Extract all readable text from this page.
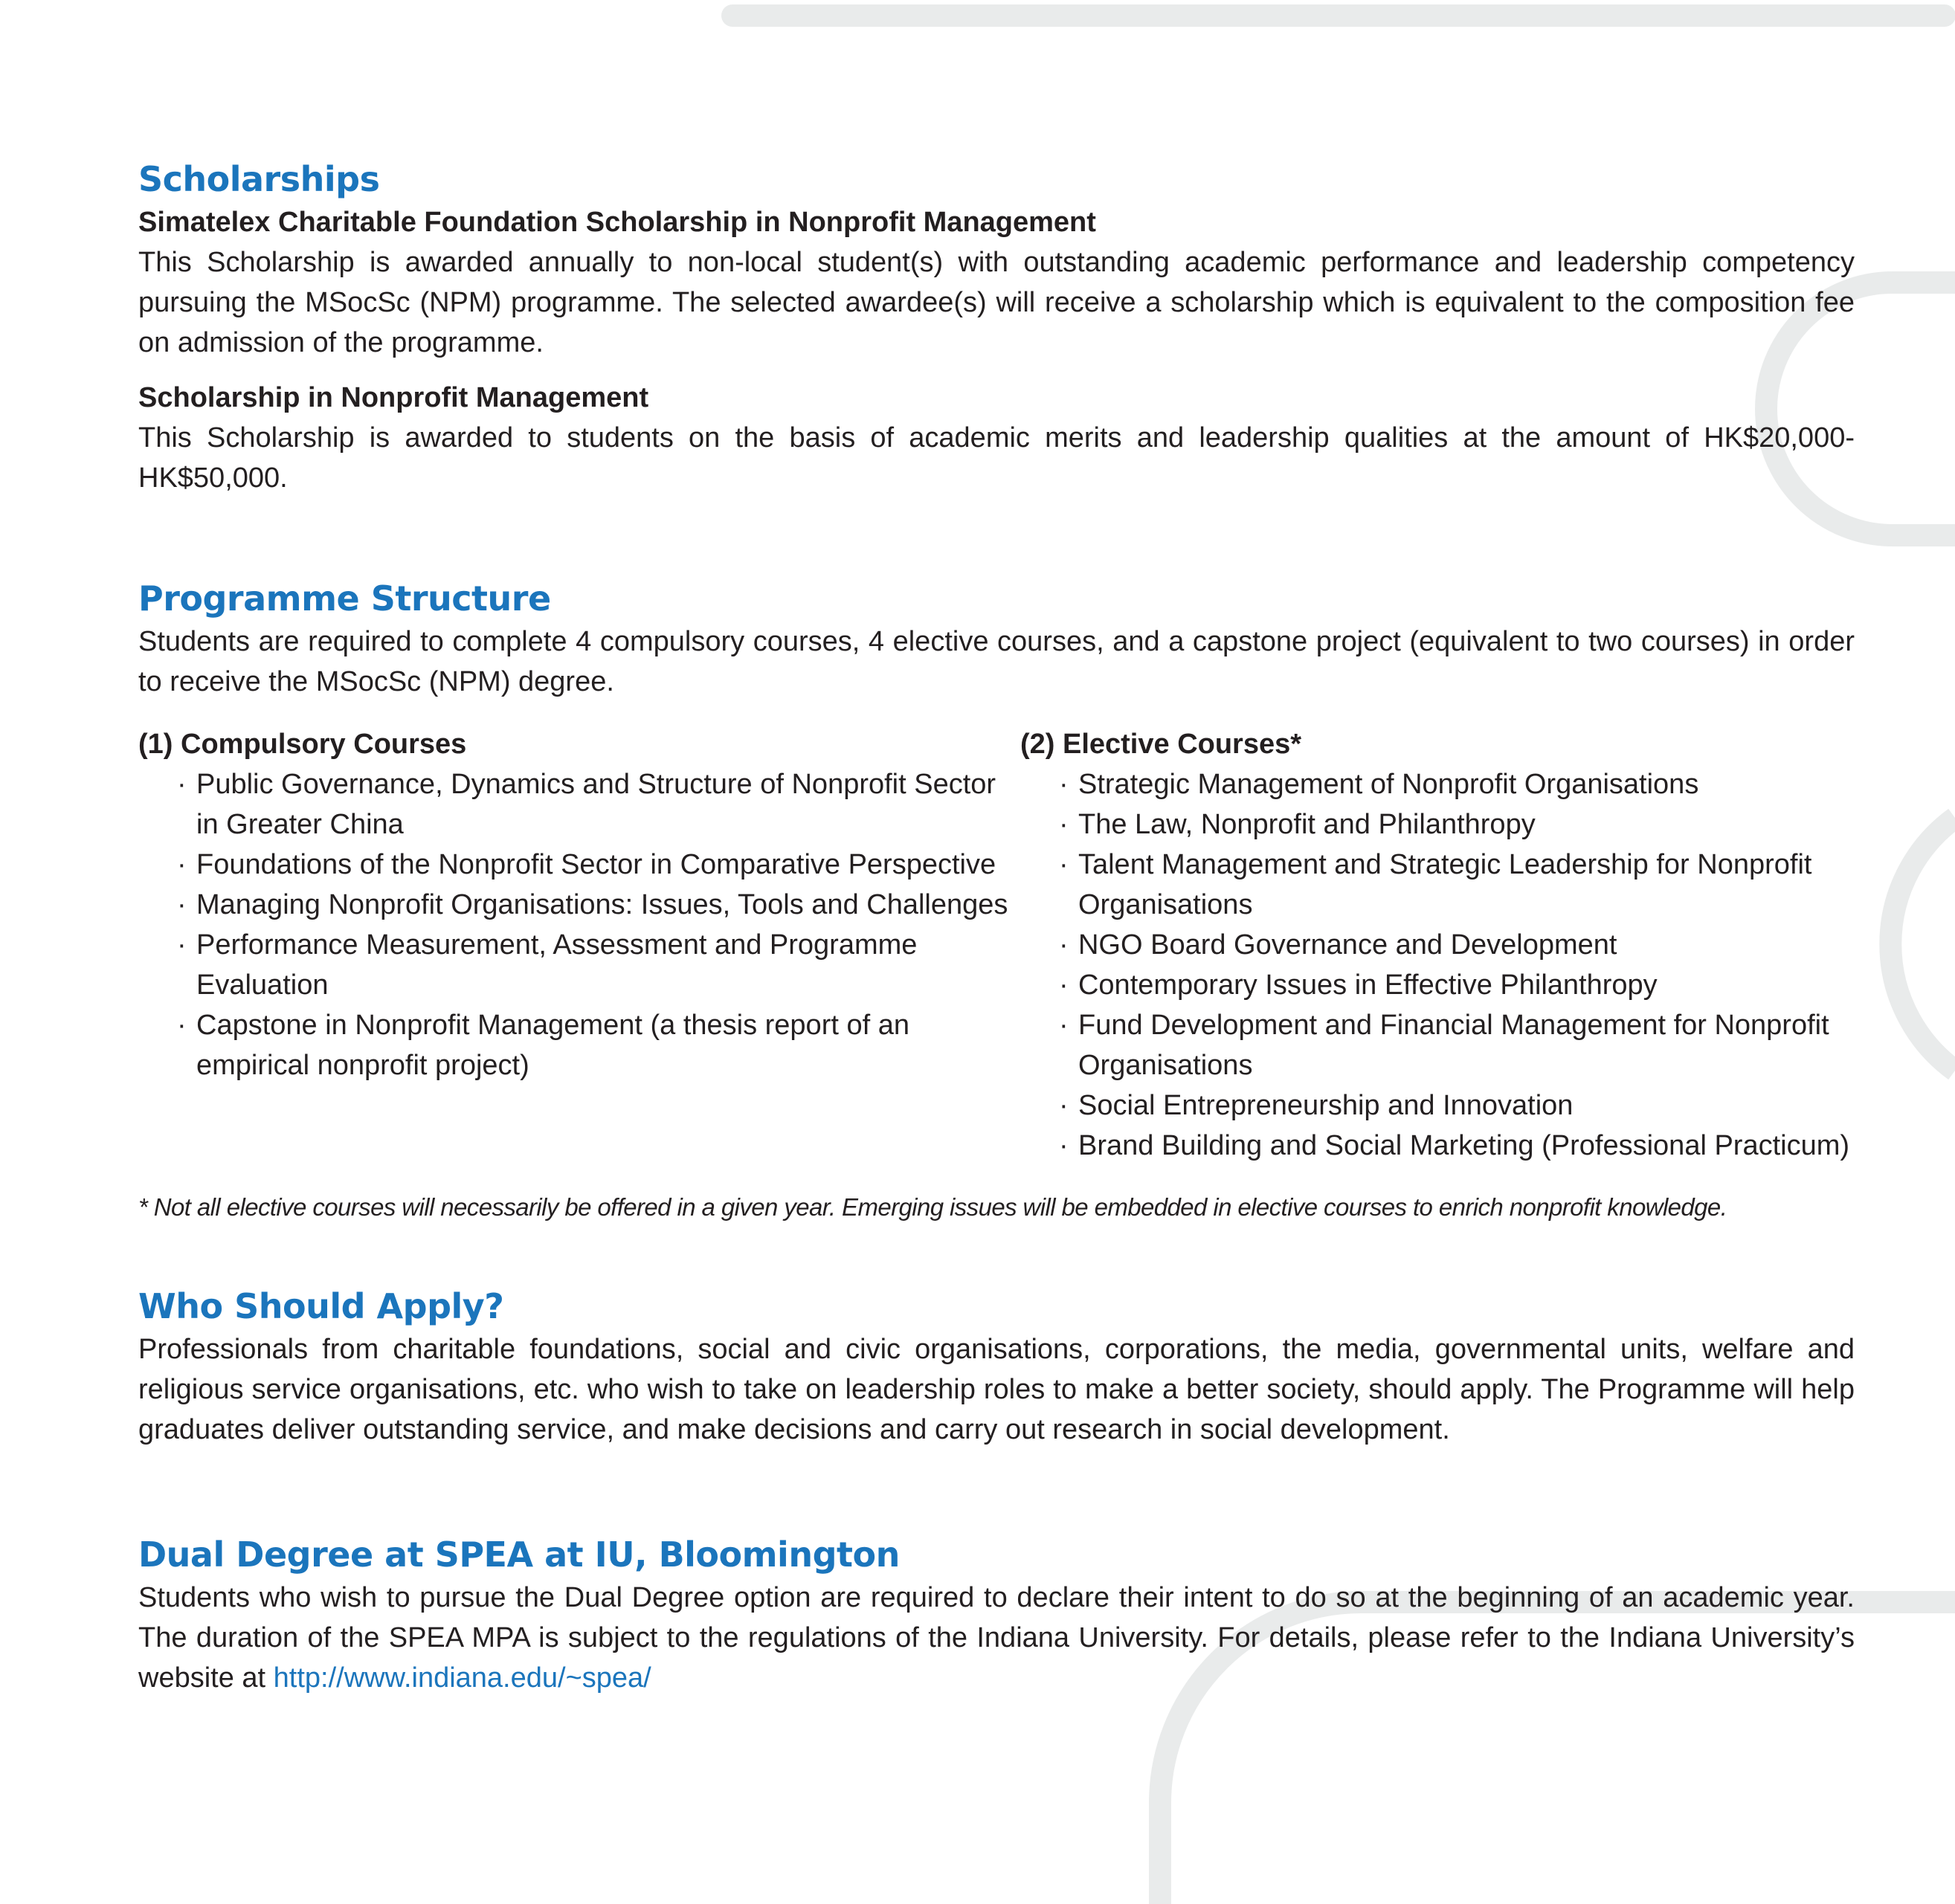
Scholarships
Simatelex Charitable Foundation Scholarship in Nonprofit Management

This Scholarship is awarded annually to non-local student(s) with outstanding academic performance and leadership competency pursuing the MSocSc (NPM) programme. The selected awardee(s) will receive a scholarship which is equivalent to the composition fee on admission of the programme.

Scholarship in Nonprofit Management

This Scholarship is awarded to students on the basis of academic merits and leadership qualities at the amount of HK$20,000-HK$50,000.

Programme Structure

Students are required to complete 4 compulsory courses, 4 elective courses, and a capstone project (equivalent to two courses) in order to receive the MSocSc (NPM) degree.

(1) Compulsory Courses
· Public Governance, Dynamics and Structure of Nonprofit Sector in Greater China
· Foundations of the Nonprofit Sector in Comparative Perspective
· Managing Nonprofit Organisations: Issues, Tools and Challenges
· Performance Measurement, Assessment and Programme Evaluation
· Capstone in Nonprofit Management (a thesis report of an empirical nonprofit project)
(2) Elective Courses*
· Strategic Management of Nonprofit Organisations
· The Law, Nonprofit and Philanthropy
· Talent Management and Strategic Leadership for Nonprofit Organisations
· NGO Board Governance and Development
· Contemporary Issues in Effective Philanthropy
· Fund Development and Financial Management for Nonprofit Organisations
· Social Entrepreneurship and Innovation
· Brand Building and Social Marketing (Professional Practicum)
* Not all elective courses will necessarily be offered in a given year. Emerging issues will be embedded in elective courses to enrich nonprofit knowledge.
Who Should Apply?

Professionals from charitable foundations, social and civic organisations, corporations, the media, governmental units, welfare and religious service organisations, etc. who wish to take on leadership roles to make a better society, should apply. The Programme will help graduates deliver outstanding service, and make decisions and carry out research in social development.

Dual Degree at SPEA at IU, Bloomington

Students who wish to pursue the Dual Degree option are required to declare their intent to do so at the beginning of an academic year. The duration of the SPEA MPA is subject to the regulations of the Indiana University. For details, please refer to the Indiana University’s website at http://www.indiana.edu/~spea/
